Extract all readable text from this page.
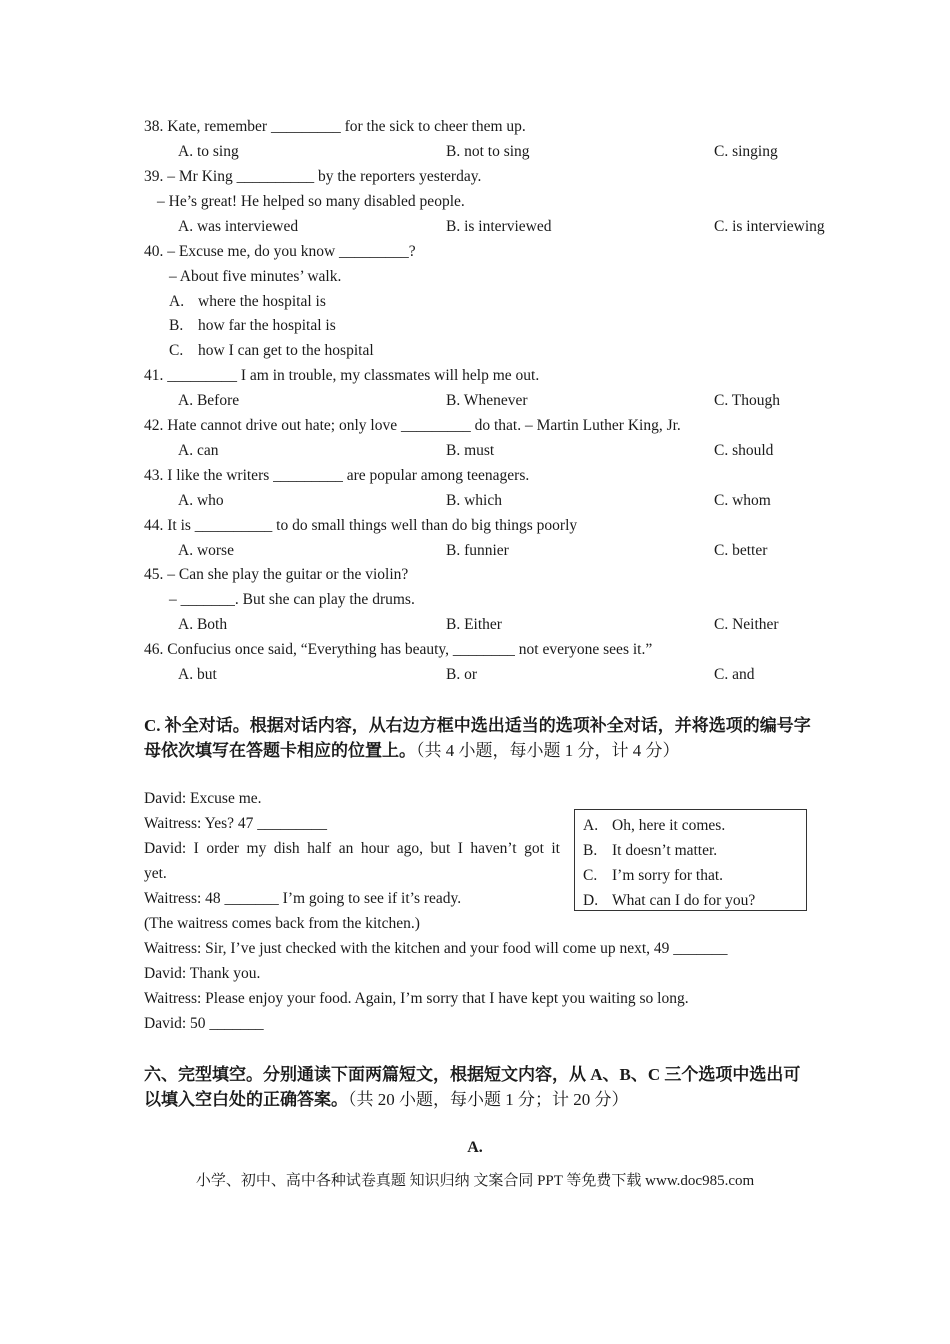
38. Kate, remember _________ for the sick to cheer them up.
A. to sing	B. not to sing	C. singing
39. – Mr King __________ by the reporters yesterday.
– He’s great! He helped so many disabled people.
A. was interviewed	B. is interviewed	C. is interviewing
40. – Excuse me, do you know _________?
– About five minutes’ walk.
A. where the hospital is
B. how far the hospital is
C. how I can get to the hospital
41. _________ I am in trouble, my classmates will help me out.
A. Before	B. Whenever	C. Though
42. Hate cannot drive out hate; only love _________ do that. – Martin Luther King, Jr.
A. can	B. must	C. should
43. I like the writers _________ are popular among teenagers.
A. who	B. which	C. whom
44. It is __________ to do small things well than do big things poorly
A. worse	B. funnier	C. better
45. – Can she play the guitar or the violin?
– _______. But she can play the drums.
A. Both	B. Either	C. Neither
46. Confucius once said, “Everything has beauty, ________ not everyone sees it.”
A. but	B. or	C. and
C. 补全对话。根据对话内容，从右边方框中选出适当的选项补全对话，并将选项的编号字母依次填写在答题卡相应的位置上。（共 4 小题，每小题 1 分，计 4 分）
David: Excuse me.
Waitress: Yes? 47 _________
David: I order my dish half an hour ago, but I haven’t got it
yet.
Waitress: 48 _______ I’m going to see if it’s ready.
(The waitress comes back from the kitchen.)
Waitress: Sir, I’ve just checked with the kitchen and your food will come up next, 49 _______
David: Thank you.
Waitress: Please enjoy your food. Again, I’m sorry that I have kept you waiting so long.
David: 50 _______
A. Oh, here it comes.
B. It doesn’t matter.
C. I’m sorry for that.
D. What can I do for you?
六、完型填空。分别通读下面两篇短文，根据短文内容，从 A、B、C 三个选项中选出可以填入空白处的正确答案。（共 20 小题，每小题 1 分；计 20 分）
A.
小学、初中、高中各种试卷真题 知识归纳 文案合同 PPT 等免费下载 www.doc985.com
